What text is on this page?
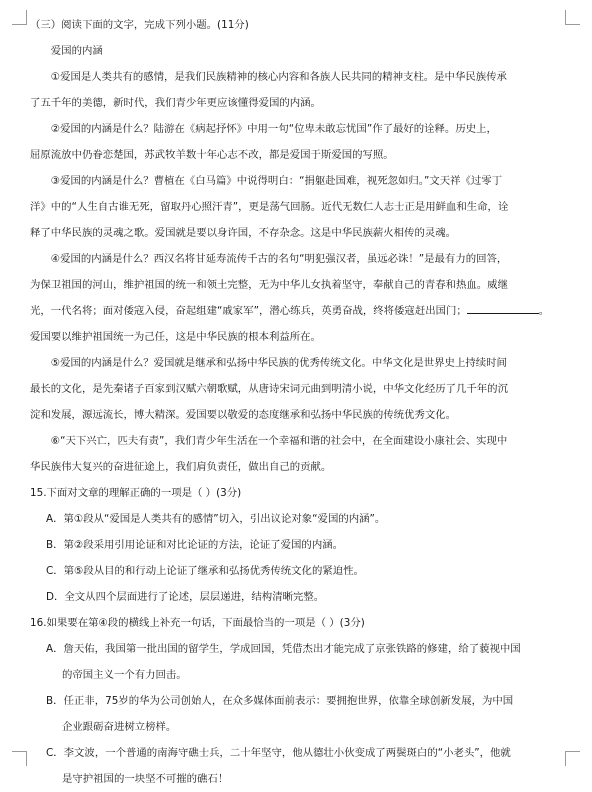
（三）阅读下面的文字，完成下列小题。(11分)

爱国的内涵

①爱国是人类共有的感情，是我们民族精神的核心内容和各族人民共同的精神支柱。是中华民族传承

了五千年的美德，新时代，我们青少年更应该懂得爱国的内涵。

②爱国的内涵是什么？陆游在《病起抒怀》中用一句“位卑未敢忘忧国”作了最好的诠释。历史上，

屈原流放中仍眷恋楚国，苏武牧羊数十年心志不改，都是爱国于斯爱国的写照。

③爱国的内涵是什么？曹植在《白马篇》中说得明白：“捐躯赴国难，视死忽如归。”文天祥《过零丁

洋》中的“人生自古谁无死，留取丹心照汗青”，更是荡气回肠。近代无数仁人志士正是用鲜血和生命，诠

释了中华民族的灵魂之歌。爱国就是要以身许国，不存杂念。这是中华民族薪火相传的灵魂。

④爱国的内涵是什么？西汉名将甘延寿流传千古的名句“明犯强汉者，虽远必诛！”是最有力的回答，

为保卫祖国的河山，维护祖国的统一和领土完整，无为中华儿女执着坚守，奉献自己的青春和热血。威继

光，一代名将；面对倭寇入侵，奋起组建“戚家军”，潜心练兵，英勇奋战，终将倭寇赶出国门；	。

爱国要以维护祖国统一为己任，这是中华民族的根本利益所在。

⑤爱国的内涵是什么？爱国就是继承和弘扬中华民族的优秀传统文化。中华文化是世界史上持续时间

最长的文化，是先秦诸子百家到汉赋六朝歌赋，从唐诗宋词元曲到明清小说，中华文化经历了几千年的沉

淀和发展，源远流长，博大精深。爱国要以敬爱的态度继承和弘扬中华民族的传统优秀文化。

⑥“天下兴亡，匹夫有责”，我们青少年生活在一个幸福和谐的社会中，在全面建设小康社会、实现中

华民族伟大复兴的奋进征途上，我们肩负责任，做出自己的贡献。

15.下面对文章的理解正确的一项是（ ）(3分)

A．第①段从“爱国是人类共有的感情”切入，引出议论对象“爱国的内涵”。

B．第②段采用引用论证和对比论证的方法，论证了爱国的内涵。

C．第⑤段从目的和行动上论证了继承和弘扬优秀传统文化的紧迫性。

D．全文从四个层面进行了论述，层层递进，结构清晰完整。

16.如果要在第④段的横线上补充一句话，下面最恰当的一项是（ ）(3分)

A．詹天佑，我国第一批出国的留学生，学成回国，凭借杰出才能完成了京张铁路的修建，给了藐视中国

的帝国主义一个有力回击。

B．任正非，75岁的华为公司创始人，在众多媒体面前表示：要拥抱世界，依靠全球创新发展，为中国

企业跟砺奋进树立榜样。

C．李文波，一个普通的南海守礁士兵，二十年坚守，他从德壮小伙变成了两鬓斑白的“小老头”，他就

是守护祖国的一块坚不可摧的礁石！
